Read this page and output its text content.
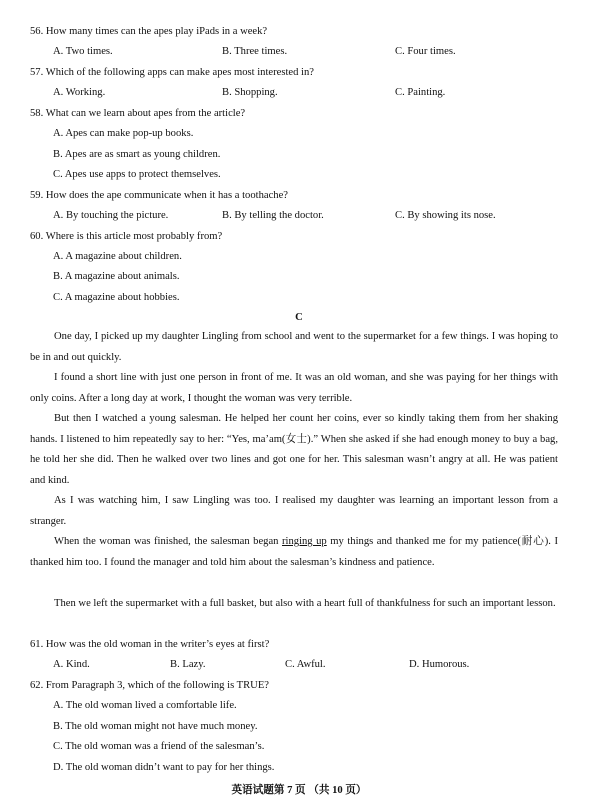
56. How many times can the apes play iPads in a week?
A. Two times.	B. Three times.	C. Four times.
57. Which of the following apps can make apes most interested in?
A. Working.	B. Shopping.	C. Painting.
58. What can we learn about apes from the article?
A. Apes can make pop-up books.
B. Apes are as smart as young children.
C. Apes use apps to protect themselves.
59. How does the ape communicate when it has a toothache?
A. By touching the picture.	B. By telling the doctor.	C. By showing its nose.
60. Where is this article most probably from?
A. A magazine about children.
B. A magazine about animals.
C. A magazine about hobbies.
C
One day, I picked up my daughter Lingling from school and went to the supermarket for a few things. I was hoping to be in and out quickly.
I found a short line with just one person in front of me. It was an old woman, and she was paying for her things with only coins. After a long day at work, I thought the woman was very terrible.
But then I watched a young salesman. He helped her count her coins, ever so kindly taking them from her shaking hands. I listened to him repeatedly say to her: “Yes, ma’am(女士).” When she asked if she had enough money to buy a bag, he told her she did. Then he walked over two lines and got one for her. This salesman wasn’t angry at all. He was patient and kind.
As I was watching him, I saw Lingling was too. I realised my daughter was learning an important lesson from a stranger.
When the woman was finished, the salesman began ringing up my things and thanked me for my patience(耐心). I thanked him too. I found the manager and told him about the salesman’s kindness and patience.
Then we left the supermarket with a full basket, but also with a heart full of thankfulness for such an important lesson.
61. How was the old woman in the writer’s eyes at first?
A. Kind.	B. Lazy.	C. Awful.	D. Humorous.
62. From Paragraph 3, which of the following is TRUE?
A. The old woman lived a comfortable life.
B. The old woman might not have much money.
C. The old woman was a friend of the salesman’s.
D. The old woman didn’t want to pay for her things.
英语试题第 7 页 （共 10 页）
